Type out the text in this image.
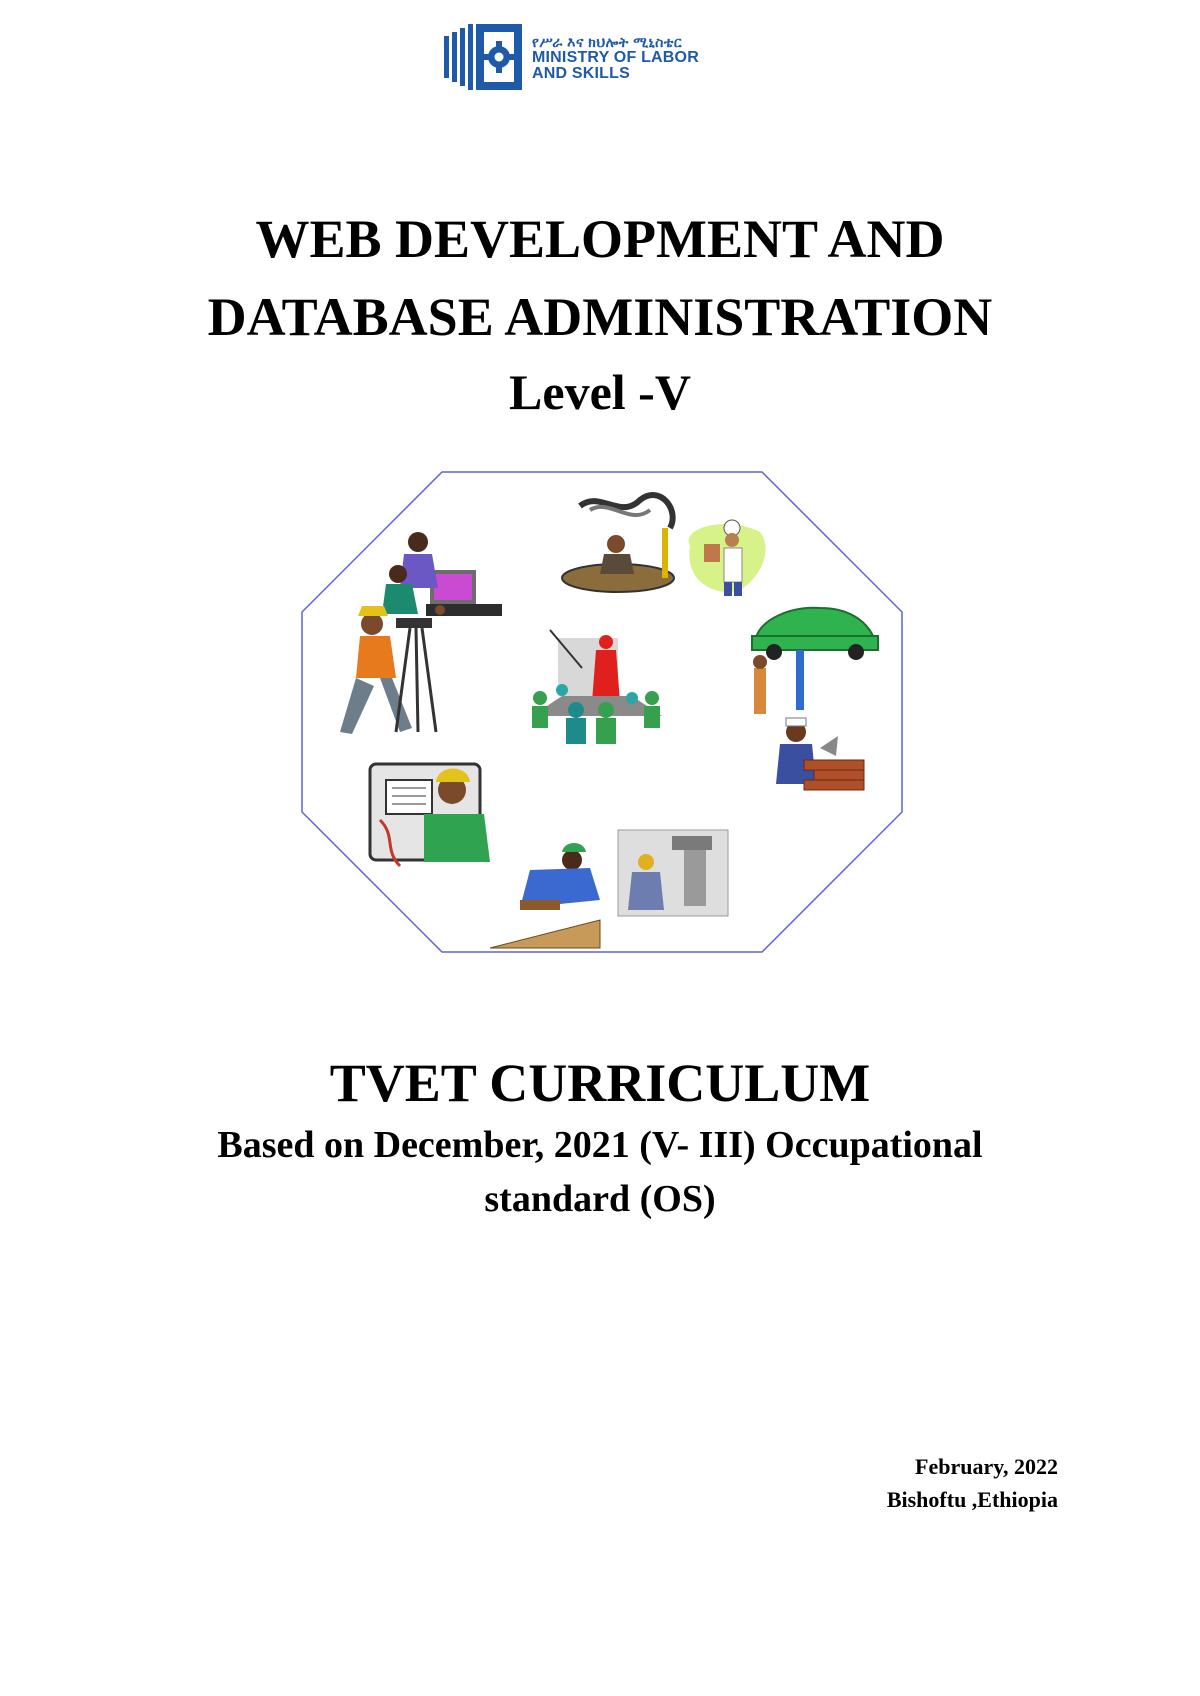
የሥራ እና ክህሎት ሚኒስቴር
MINISTRY OF LABOR
AND SKILLS
WEB DEVELOPMENT AND
DATABASE ADMINISTRATION
Level -V
TVET CURRICULUM
Based on December, 2021 (V- III) Occupational
standard (OS)
February, 2022
Bishoftu ,Ethiopia
